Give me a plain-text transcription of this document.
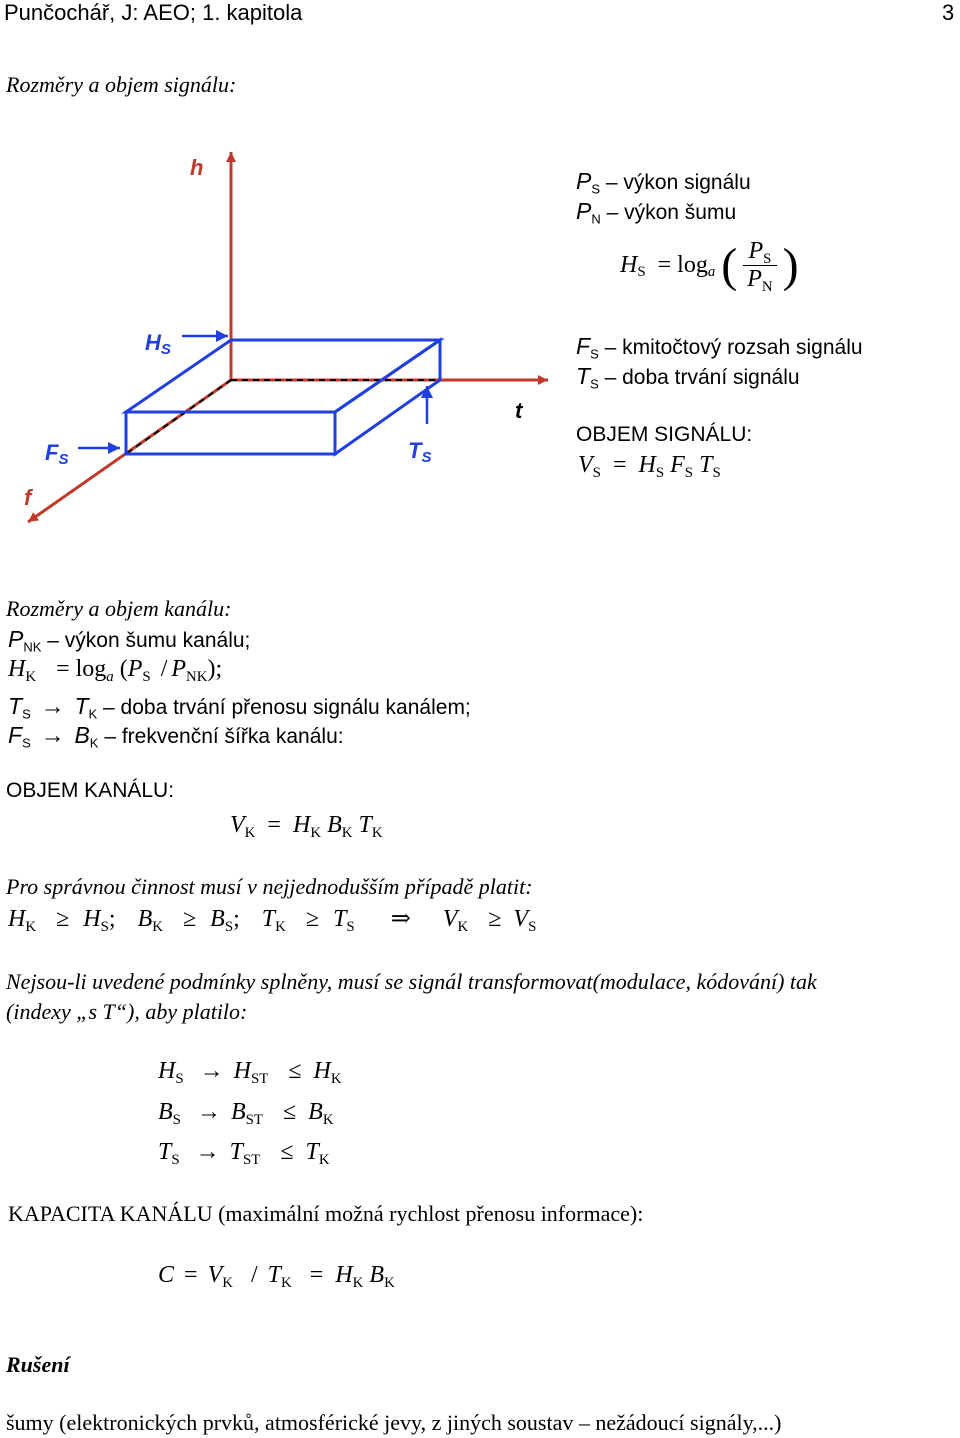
Punčochář, J: AEO; 1. kapitola	3
Rozměry a objem signálu:
h
t
f
HS
FS	TS
$P_S$ – výkon signálu
$P_N$ – výkon šumu
$H_S = \log_a$ ( $\frac{P_S}{P_N}$ )
$F_S$ – kmitočtový rozsah signálu
$T_S$ – doba trvání signálu
OBJEM SIGNÁLU:
$V_S = H_S$ $F_S$ $T_S$
Rozměry a objem kanálu:
$P_{NK}$ – výkon šumu kanálu;
$H_K = \log_a (P_S / P_{NK})$;
$T_S \to T_K$ – doba trvání přenosu signálu kanálem;
$F_S \to B_K$ – frekvenční šířka kanálu:
OBJEM KANÁLU:
$V_K = H_K$ $B_K$ $T_K$
Pro správnou činnost musí v nejjednodušším případě platit:
$H_K \ge H_S$; $B_K \ge B_S$; $T_K \ge T_S$ ⇒ $V_K \ge V_S$
Nejsou-li uvedené podmínky splněny, musí se signál transformovat(modulace, kódování) tak
(indexy „s T“), aby platilo:
$H_S \to H_{ST} \le H_K$
$B_S \to B_{ST} \le B_K$
$T_S \to T_{ST} \le T_K$
KAPACITA KANÁLU (maximální možná rychlost přenosu informace):
$C = V_K / T_K = H_K$ $B_K$
Rušení
šumy (elektronických prvků, atmosférické jevy, z jiných soustav – nežádoucí signály,...)
